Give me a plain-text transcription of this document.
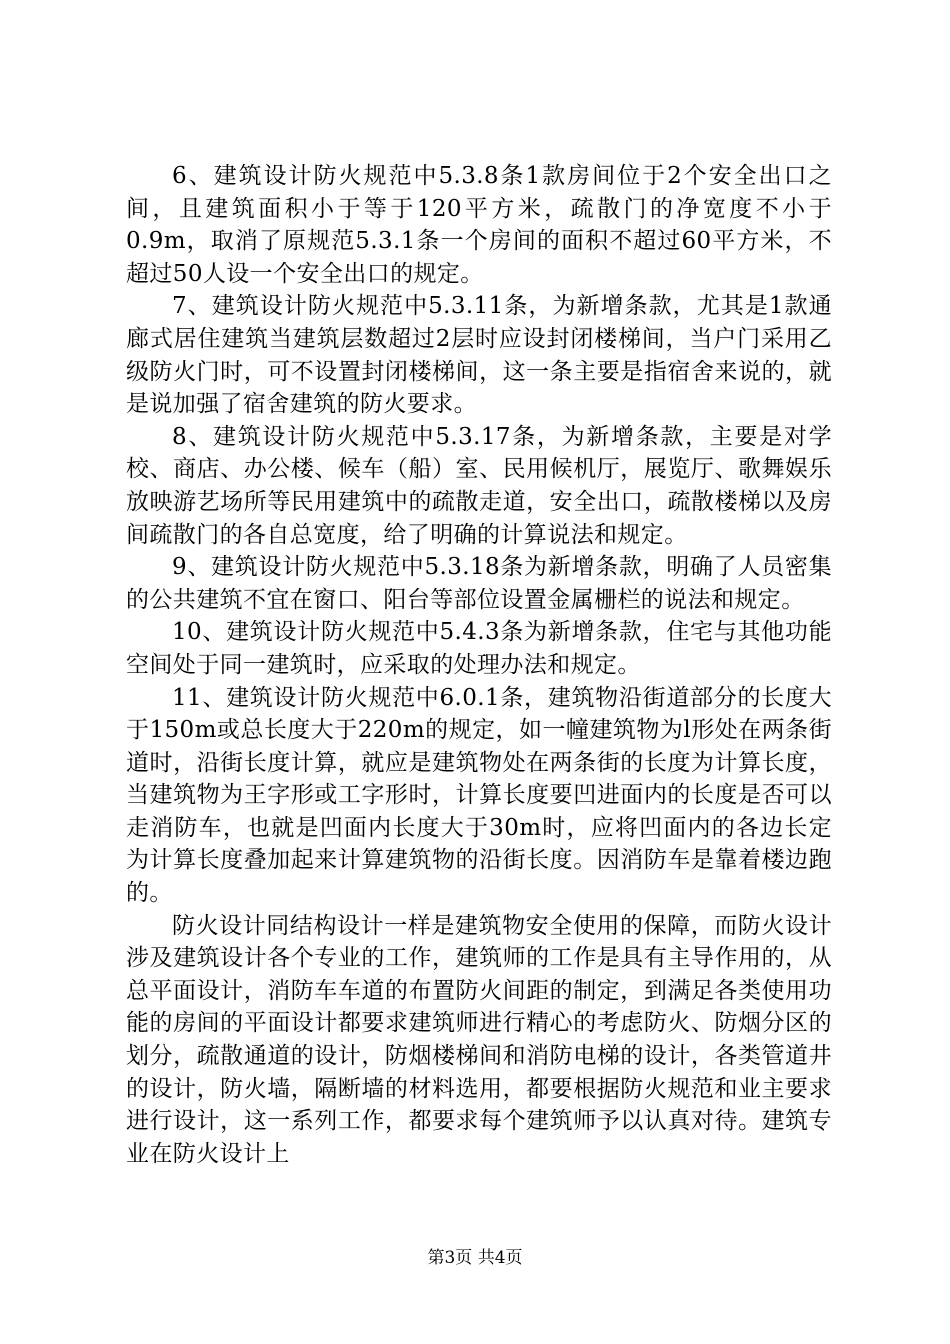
6、建筑设计防火规范中5.3.8条1款房间位于2个安全出口之间，且建筑面积小于等于120平方米，疏散门的净宽度不小于0.9m，取消了原规范5.3.1条一个房间的面积不超过60平方米，不超过50人设一个安全出口的规定。

7、建筑设计防火规范中5.3.11条，为新增条款，尤其是1款通廊式居住建筑当建筑层数超过2层时应设封闭楼梯间，当户门采用乙级防火门时，可不设置封闭楼梯间，这一条主要是指宿舍来说的，就是说加强了宿舍建筑的防火要求。

8、建筑设计防火规范中5.3.17条，为新增条款，主要是对学校、商店、办公楼、候车（船）室、民用候机厅，展览厅、歌舞娱乐放映游艺场所等民用建筑中的疏散走道，安全出口，疏散楼梯以及房间疏散门的各自总宽度，给了明确的计算说法和规定。

9、建筑设计防火规范中5.3.18条为新增条款，明确了人员密集的公共建筑不宜在窗口、阳台等部位设置金属栅栏的说法和规定。

10、建筑设计防火规范中5.4.3条为新增条款，住宅与其他功能空间处于同一建筑时，应采取的处理办法和规定。

11、建筑设计防火规范中6.0.1条，建筑物沿街道部分的长度大于150m或总长度大于220m的规定，如一幢建筑物为l形处在两条街道时，沿街长度计算，就应是建筑物处在两条街的长度为计算长度，当建筑物为王字形或工字形时，计算长度要凹进面内的长度是否可以走消防车，也就是凹面内长度大于30m时，应将凹面内的各边长定为计算长度叠加起来计算建筑物的沿街长度。因消防车是靠着楼边跑的。

防火设计同结构设计一样是建筑物安全使用的保障，而防火设计涉及建筑设计各个专业的工作，建筑师的工作是具有主导作用的，从总平面设计，消防车车道的布置防火间距的制定，到满足各类使用功能的房间的平面设计都要求建筑师进行精心的考虑防火、防烟分区的划分，疏散通道的设计，防烟楼梯间和消防电梯的设计，各类管道井的设计，防火墙，隔断墙的材料选用，都要根据防火规范和业主要求进行设计，这一系列工作，都要求每个建筑师予以认真对待。建筑专业在防火设计上

第3页 共4页
